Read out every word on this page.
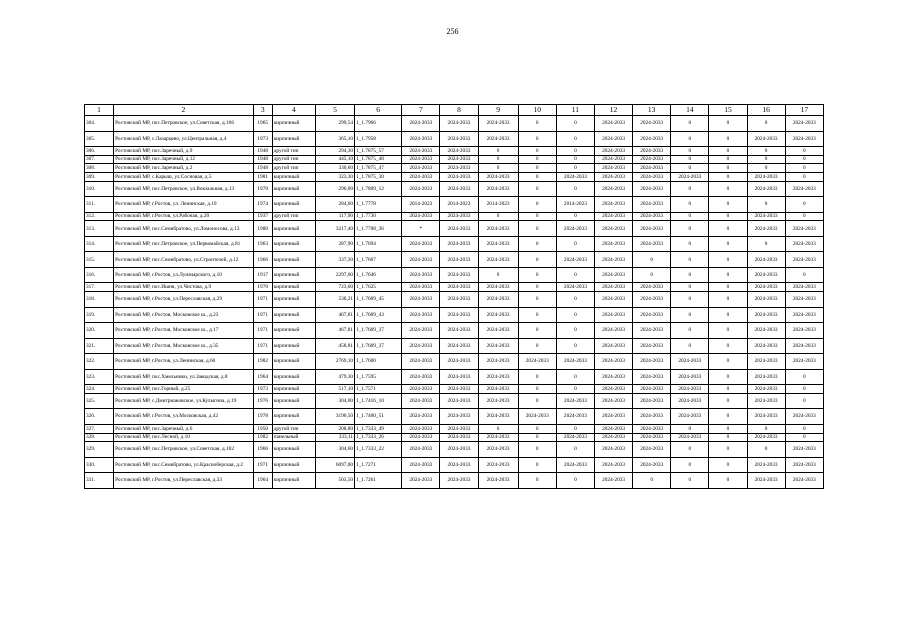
256
1	2	3	4	5	6	7	8	9	10	11	12	13	14	15	16	17
304.	Ростовский МР, пос.Петровское, ул.Советская, д.106	1965	кирпичный	299,54	1_1.7966	2024-2033	2024-2033	2024-2033	0	0	2024-2033	2024-2033	0	0	0	2024-2033
305.	Ростовский МР, с.Лазарцево, ул.Центральная, д.4	1973	кирпичный	365,10	1_1.7958	2024-2033	2024-2033	2024-2033	0	0	2024-2033	2024-2033	0	0	2024-2033	2024-2033
306.	Ростовский МР, пос.Заречный, д.9	1948	другой тип	294,30	1_1.7875_57	2024-2033	2024-2033	0	0	0	2024-2033	2024-2033	0	0	0	0
307.	Ростовский МР, пос.Заречный, д.12	1948	другой тип	445,10	1_1.7875_48	2024-2033	2024-2033	0	0	0	2024-2033	2024-2033	0	0	0	0
308.	Ростовский МР, пос.Заречный, д.2	1948	другой тип	330,60	1_1.7875_47	2024-2033	2024-2033	0	0	0	2024-2033	2024-2033	0	0	0	0
309.	Ростовский МР, с.Карыш, ул.Сосновая, д.5	1981	кирпичный	323,30	1_1.7875_30	2024-2033	2024-2033	2024-2033	0	2024-2033	2024-2033	2024-2033	2024-2033	0	2024-2033	0
310.	Ростовский МР, пос.Петровское, ул.Вокзальная, д.13	1970	кирпичный	296,00	1_1.7809_12	2024-2033	2024-2033	2024-2033	0	0	2024-2033	2024-2033	0	0	2024-2033	2024-2033
311.	Ростовский МР, г.Ростов, ул. Ленинская, д.10	1974	кирпичный	284,60	1_1.7778	2014-2023	2014-2023	2014-2023	0	2014-2023	2024-2033	2024-2033	0	0	0	0
312.	Ростовский МР, г.Ростов, ул.Рабочая, д.20	1937	другой тип	117,90	1_1.7730	2024-2033	2024-2033	0	0	0	2024-2033	2024-2033	0	0	2024-2033	0
313.	Ростовский МР, пос.Семибратово, ул.Ломоносова, д.13	1980	кирпичный	3217,40	1_1.7708_36	*	2024-2033	2024-2033	0	2024-2033	2024-2033	2024-2033	0	0	2024-2033	2024-2033
314.	Ростовский МР, пос.Петровское, ул.Первомайская, д.81	1963	кирпичный	287,90	1_1.7694	2024-2033	2024-2033	2024-2033	0	0	2024-2033	2024-2033	0	0	0	2024-2033
315.	Ростовский МР, пос.Семибратово, ул.Строителей, д.12	1966	кирпичный	337,30	1_1.7667	2024-2033	2024-2033	2024-2033	0	2024-2033	2024-2033	0	0	0	2024-2033	2024-2033
316.	Ростовский МР, г.Ростов, ул.Луначарского, д.10	1917	кирпичный	2297,00	1_1.7646	2024-2033	2024-2033	0	0	0	2024-2033	0	0	0	2024-2033	0
317.	Ростовский МР, пос.Ишня, ул.Чистова, д.9	1970	кирпичный	723,60	1_1.7625	2024-2033	2024-2033	2024-2033	0	2024-2033	2024-2033	2024-2033	0	0	2024-2033	2024-2033
318.	Ростовский МР, г.Ростов, ул.Переславская, д.29	1971	кирпичный	536,21	1_1.7609_45	2024-2033	2024-2033	2024-2033	0	0	2024-2033	2024-2033	0	0	2024-2033	2024-2033
319.	Ростовский МР, г.Ростов, Московское ш., д.23	1971	кирпичный	467,81	1_1.7609_43	2024-2033	2024-2033	2024-2033	0	0	2024-2033	2024-2033	0	0	2024-2033	2024-2033
320.	Ростовский МР, г.Ростов, Московское ш., д.17	1971	кирпичный	467,81	1_1.7609_37	2024-2033	2024-2033	2024-2033	0	0	2024-2033	2024-2033	0	0	2024-2033	2024-2033
321.	Ростовский МР, г.Ростов, Московское ш., д.35	1971	кирпичный	458,81	1_1.7609_37	2024-2033	2024-2033	2024-2033	0	0	2024-2033	2024-2033	0	0	2024-2033	2024-2033
322.	Ростовский МР, г.Ростов, ул.Ленинская, д.66	1982	кирпичный	2769,10	1_1.7600	2024-2033	2024-2033	2024-2033	2024-2033	2024-2033	2024-2033	2024-2033	2024-2033	0	2024-2033	2024-2033
323.	Ростовский МР, пос.Хмельники, ул.Заводская, д.8	1964	кирпичный	479,30	1_1.7595	2024-2033	2024-2033	2024-2033	0	0	2024-2033	2024-2033	2024-2033	0	2024-2033	0
324.	Ростовский МР, пос.Горный, д.25	1973	кирпичный	517,10	1_1.7571	2024-2033	2024-2033	2024-2033	0	0	2024-2033	2024-2033	2024-2033	0	2024-2033	0
325.	Ростовский МР, с.Дмитриановское, ул.Кулыгина, д.19	1976	кирпичный	304,00	1_1.7416_10	2024-2033	2024-2033	2024-2033	0	2024-2033	2024-2033	2024-2033	2024-2033	0	2024-2033	0
326.	Ростовский МР, г.Ростов, ул.Московская, д.42	1978	кирпичный	3190,50	1_1.7400_51	2024-2033	2024-2033	2024-2033	2024-2033	2024-2033	2024-2033	2024-2033	2024-2033	0	2024-2033	2024-2033
327.	Ростовский МР, пос.Заречный, д.6	1950	другой тип	208,80	1_1.7333_49	2024-2033	2024-2033	0	0	0	2024-2033	2024-2033	0	0	0	0
328.	Ростовский МР, пос.Лесной, д.10	1982	панельный	333,11	1_1.7333_26	2024-2033	2024-2033	2024-2033	0	2024-2033	2024-2033	2024-2033	2024-2033	0	2024-2033	0
329.	Ростовский МР, пос.Петровское, ул.Советская, д.102	1966	кирпичный	304,60	1_1.7333_22	2024-2033	2024-2033	2024-2033	0	0	2024-2033	2024-2033	0	0	0	2024-2033
330.	Ростовский МР, пос.Семибратово, ул.Красноберская, д.2	1971	кирпичный	6097,00	1_1.7271	2024-2033	2024-2033	2024-2033	0	2024-2033	2024-2033	2024-2033	0	0	2024-2033	2024-2033
331.	Ростовский МР, г.Ростов, ул.Переславская, д.33	1964	кирпичный	503,50	1_1.7261	2024-2033	2024-2033	2024-2033	0	0	2024-2033	0	0	0	2024-2033	2024-2033
